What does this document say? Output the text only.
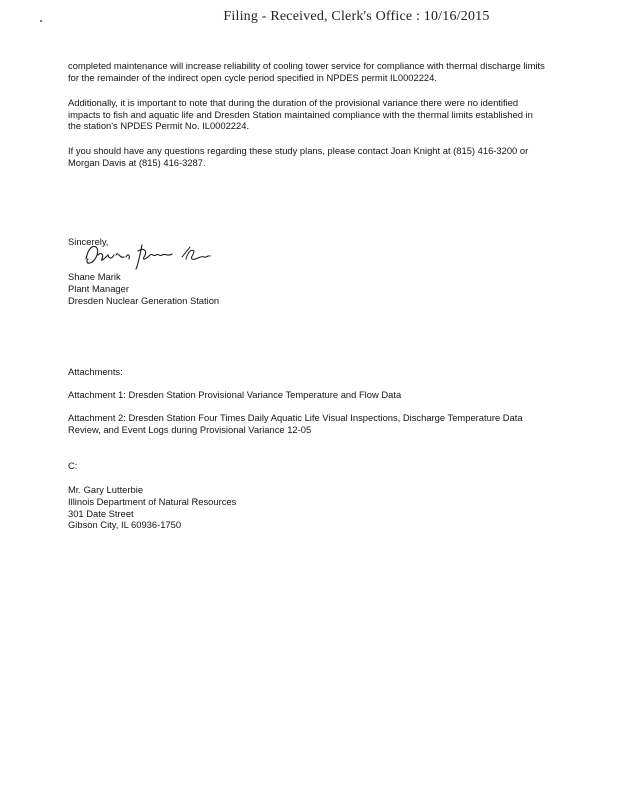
Filing - Received, Clerk's Office : 10/16/2015

completed maintenance will increase reliability of cooling tower service for compliance with thermal discharge limits for the remainder of the indirect open cycle period specified in NPDES permit IL0002224.

Additionally, it is important to note that during the duration of the provisional variance there were no identified impacts to fish and aquatic life and Dresden Station maintained compliance with the thermal limits established in the station's NPDES Permit No. IL0002224.

If you should have any questions regarding these study plans, please contact Joan Knight at (815) 416-3200 or Morgan Davis at (815) 416-3287.

Sincerely,

Shane Marik
Plant Manager
Dresden Nuclear Generation Station

Attachments:

Attachment 1: Dresden Station Provisional Variance Temperature and Flow Data

Attachment 2: Dresden Station Four Times Daily Aquatic Life Visual Inspections, Discharge Temperature Data Review, and Event Logs during Provisional Variance 12-05

C:

Mr. Gary Lutterbie
Illinois Department of Natural Resources
301 Date Street
Gibson City, IL 60936-1750
